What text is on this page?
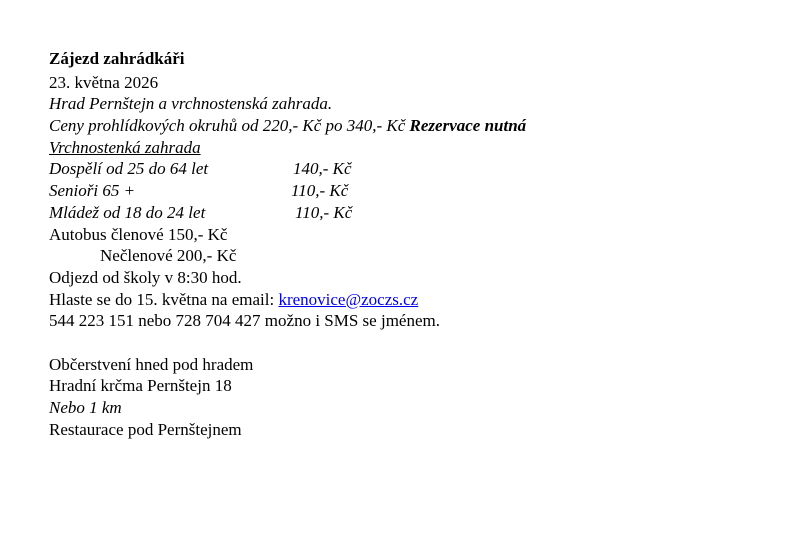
Zájezd zahrádkáři
23. května 2026
Hrad Pernštejn a vrchnostenská zahrada.
Ceny prohlídkových okruhů od 220,- Kč po 340,- Kč Rezervace nutná
Vrchnostenká zahrada
Dospělí od 25 do 64 let	140,- Kč
Senioři 65 +	110,- Kč
Mládež od 18 do 24 let	110,- Kč
Autobus členové 150,- Kč
Nečlenové 200,- Kč
Odjezd od školy v 8:30 hod.
Hlaste se do 15. května na email: krenovice@zoczs.cz
544 223 151 nebo 728 704 427 možno i SMS se jménem.
Občerstvení hned pod hradem
Hradní krčma Pernštejn 18
Nebo 1 km
Restaurace pod Pernštejnem
